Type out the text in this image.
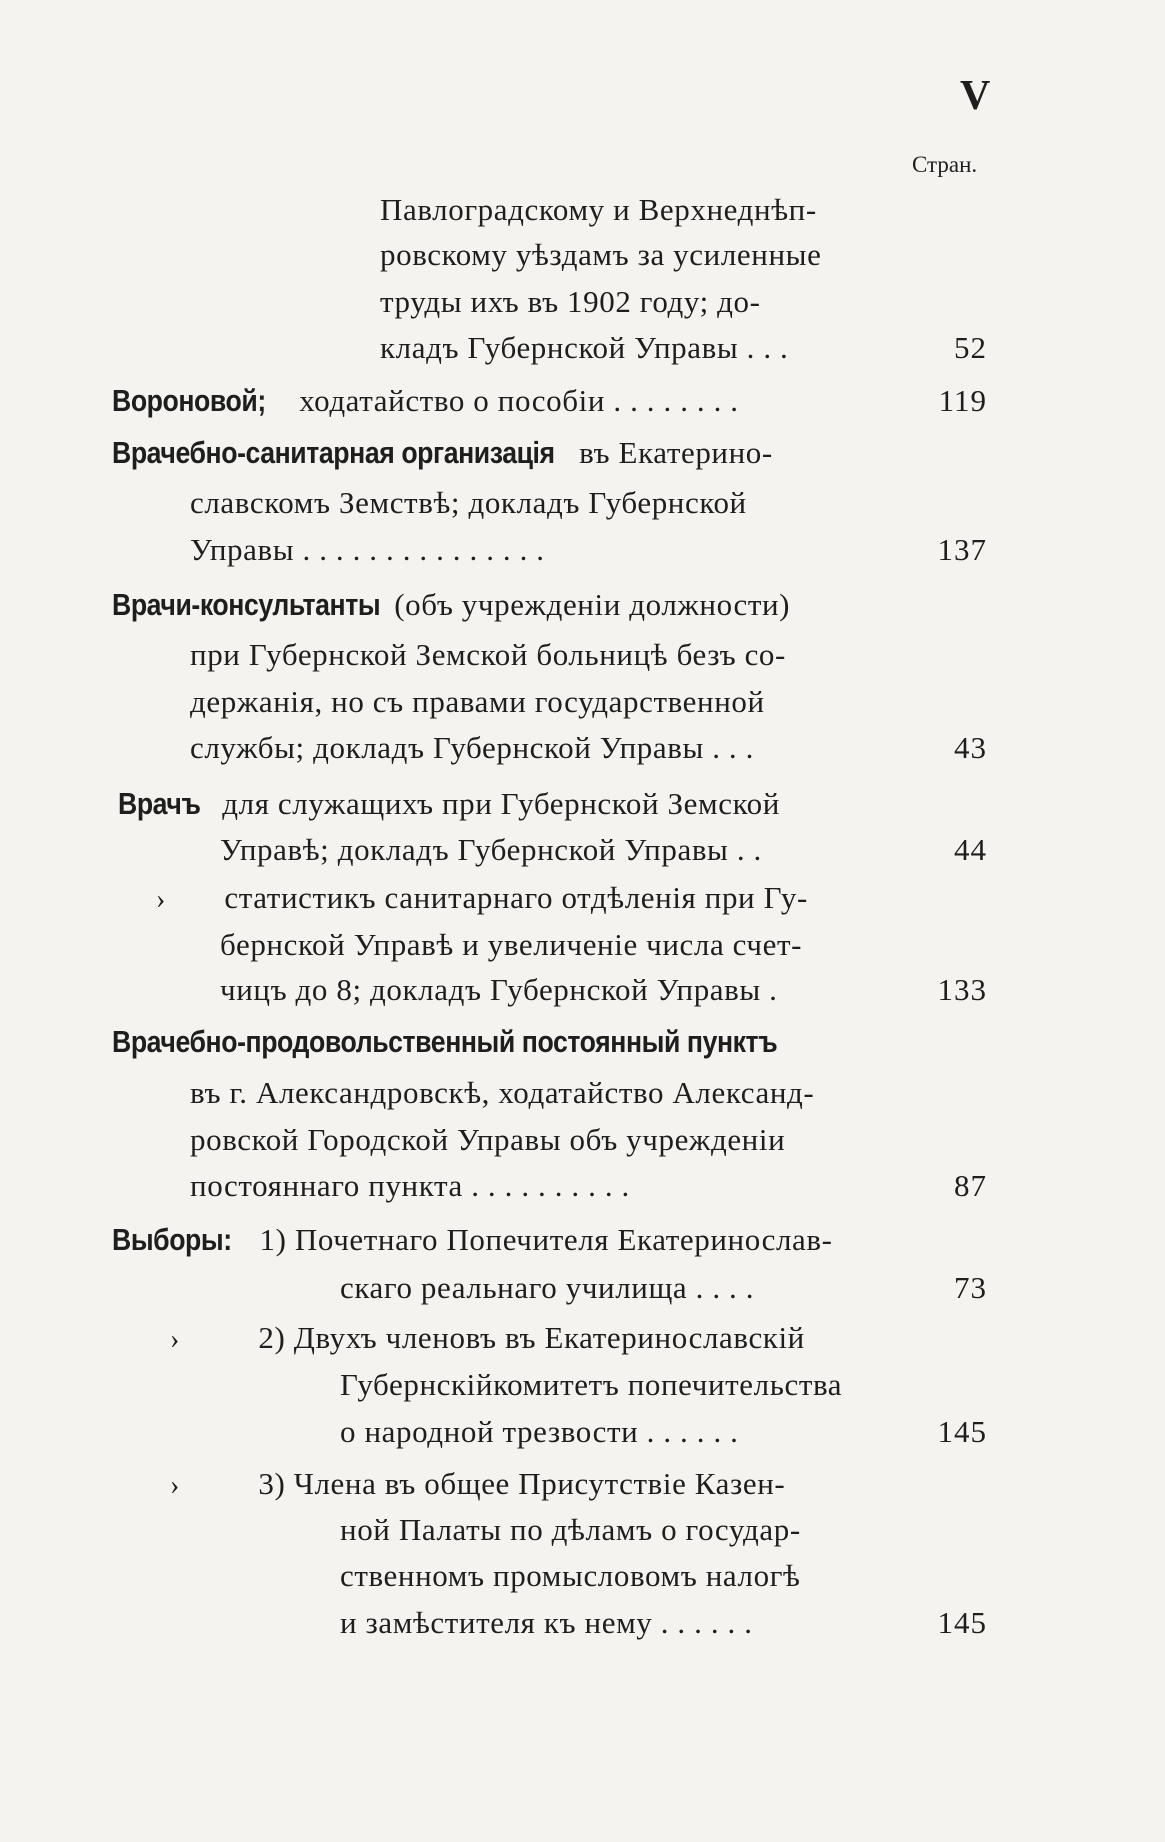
V
Стран.
Павлоградскому и Верхнеднѣп-
ровскому уѣздамъ за усиленные
труды ихъ въ 1902 году; до-
кладъ Губернской Управы . . .	52
Вороновой; ходатайство о пособіи . . . . . . . .	119
Врачебно-санитарная организація въ Екатерино-
славскомъ Земствѣ; докладъ Губернской
Управы . . . . . . . . . . . . . . .	137
Врачи-консультанты (объ учрежденіи должности)
при Губернской Земской больницѣ безъ со-
держанія, но съ правами государственной
службы; докладъ Губернской Управы . . .	43
Врачъ для служащихъ при Губернской Земской
Управѣ; докладъ Губернской Управы . .	44
› статистикъ санитарнаго отдѣленія при Гу-
бернской Управѣ и увеличеніе числа счет-
чицъ до 8; докладъ Губернской Управы .	133
Врачебно-продовольственный постоянный пунктъ
въ г. Александровскѣ, ходатайство Александ-
ровской Городской Управы объ учрежденіи
постояннаго пункта . . . . . . . . . .	87
Выборы: 1) Почетнаго Попечителя Екатеринослав-
скаго реальнаго училища . . . .	73
›	2) Двухъ членовъ въ Екатеринославскій
Губернскійкомитетъ попечительства
о народной трезвости . . . . . .	145
›	3) Члена въ общее Присутствіе Казен-
ной Палаты по дѣламъ о государ-
ственномъ промысловомъ налогѣ
и замѣстителя къ нему . . . . . .	145
